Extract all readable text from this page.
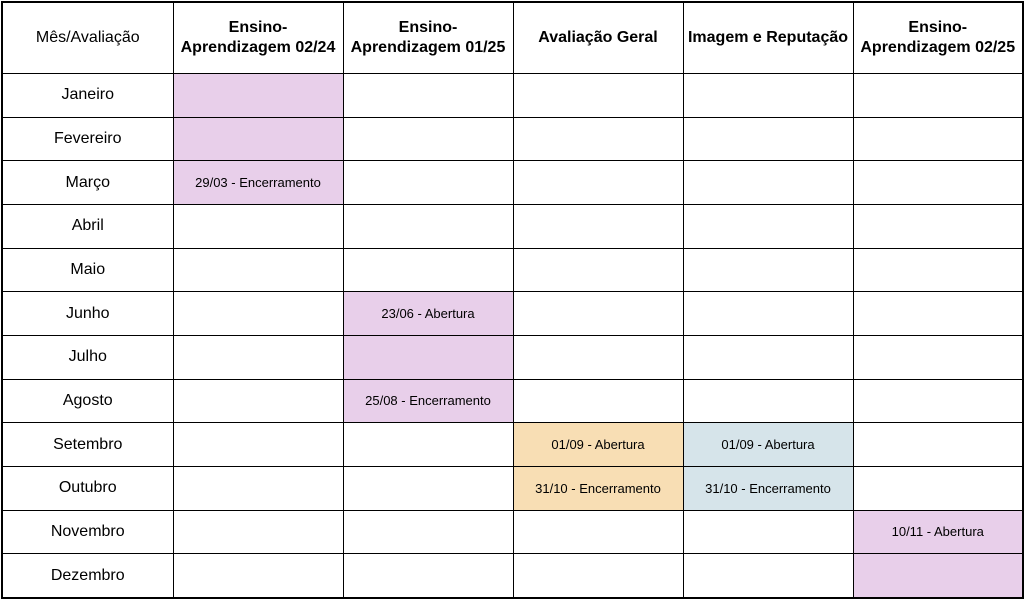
Mês/Avaliação	Ensino-Aprendizagem 02/24	Ensino-Aprendizagem 01/25	Avaliação Geral	Imagem e Reputação	Ensino-Aprendizagem 02/25
Janeiro					
Fevereiro					
Março	29/03 - Encerramento				
Abril					
Maio					
Junho		23/06 - Abertura			
Julho					
Agosto		25/08 - Encerramento			
Setembro			01/09 - Abertura	01/09 - Abertura	
Outubro			31/10 - Encerramento	31/10 - Encerramento	
Novembro					10/11 - Abertura
Dezembro					
